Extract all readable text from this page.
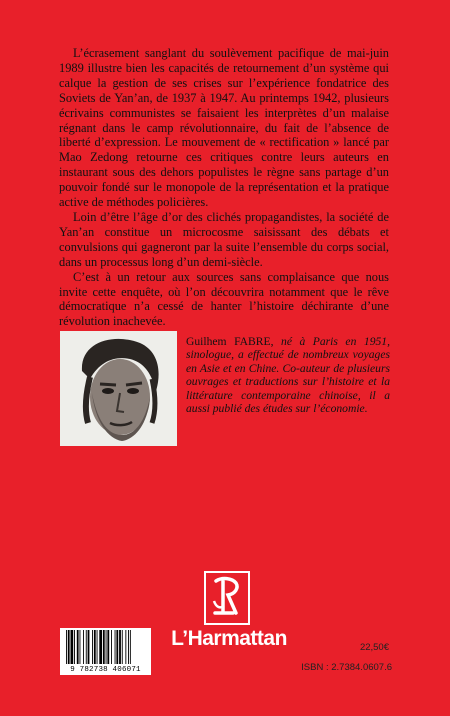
L’écrasement sanglant du soulèvement pacifique de mai-juin 1989 illustre bien les capacités de retournement d’un système qui calque la gestion de ses crises sur l’expérience fondatrice des Soviets de Yan’an, de 1937 à 1947. Au printemps 1942, plusieurs écrivains communistes se faisaient les interprètes d’un malaise régnant dans le camp révolutionnaire, du fait de l’absence de liberté d’expression. Le mouvement de « rectification » lancé par Mao Zedong retourne ces critiques contre leurs auteurs en instaurant sous des dehors populistes le règne sans partage d’un pouvoir fondé sur le monopole de la représentation et la pratique active de méthodes policières.

Loin d’être l’âge d’or des clichés propagandistes, la société de Yan’an constitue un microcosme saisissant des débats et convulsions qui gagneront par la suite l’ensemble du corps social, dans un processus long d’un demi-siècle.

C’est à un retour aux sources sans complaisance que nous invite cette enquête, où l’on découvrira notamment que le rêve démocratique n’a cessé de hanter l’histoire déchirante d’une révolution inachevée.

Guilhem FABRE, né à Paris en 1951, sinologue, a effectué de nombreux voyages en Asie et en Chine. Co-auteur de plusieurs ouvrages et traductions sur l’histoire et la littérature contemporaine chinoise, il a aussi publié des études sur l’économie.
L’Harmattan
9 782738 406071
22,50€
ISBN : 2.7384.0607.6
